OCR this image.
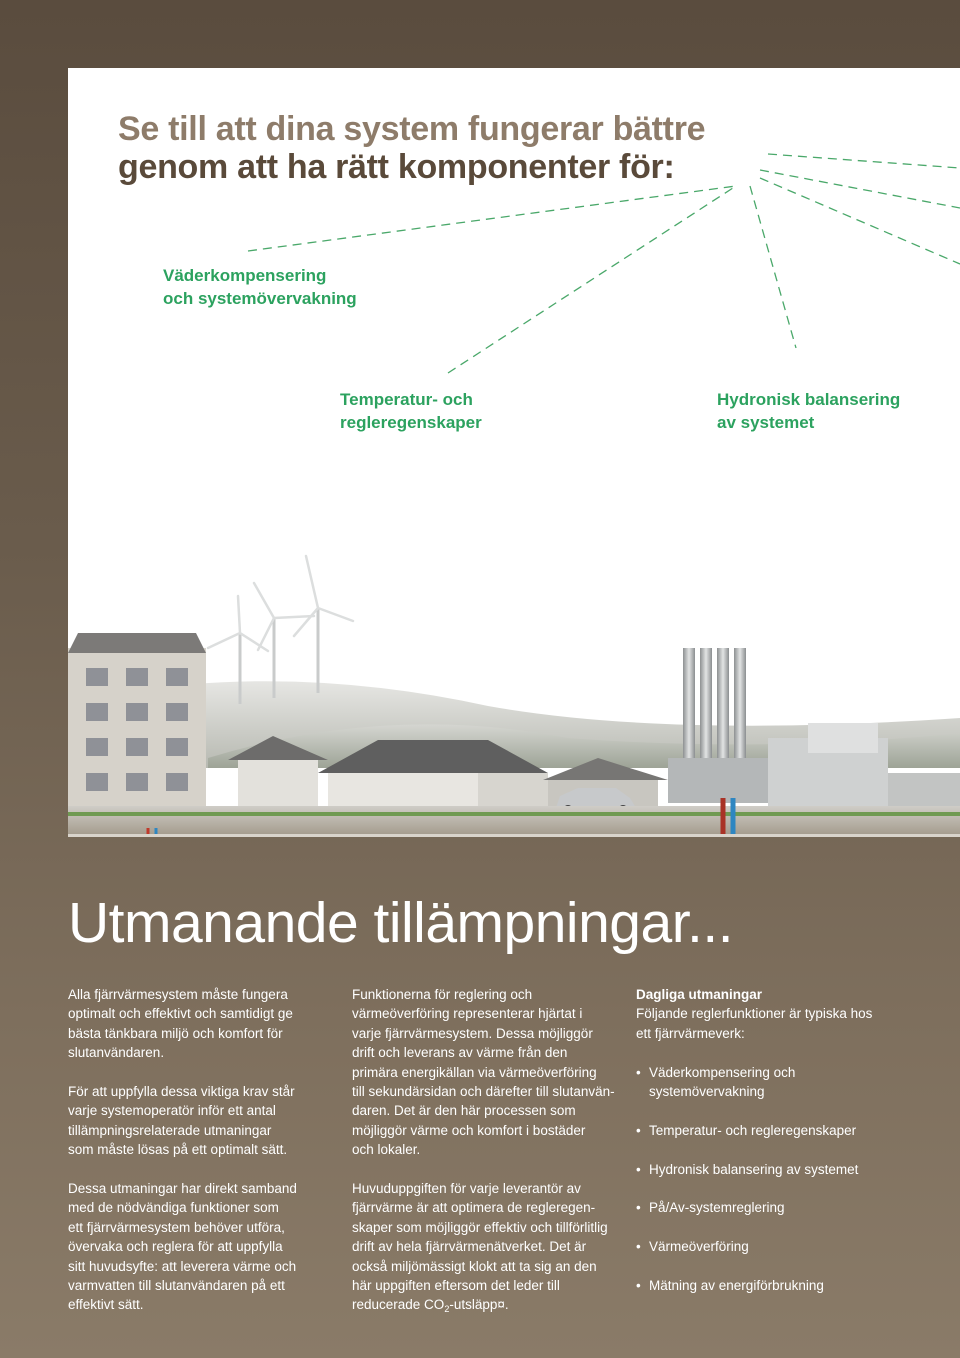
Se till att dina system fungerar bättre
genom att ha rätt komponenter för:
Väderkompensering
och systemövervakning
Temperatur- och
regleregenskaper
Hydronisk balansering
av systemet
Utmanande tillämpningar...

Alla fjärrvärmesystem måste fungera
optimalt och effektivt och samtidigt ge
bästa tänkbara miljö och komfort för
slutanvändaren.

För att uppfylla dessa viktiga krav står
varje systemoperatör inför ett antal
tillämpningsrelaterade utmaningar
som måste lösas på ett optimalt sätt.

Dessa utmaningar har direkt samband
med de nödvändiga funktioner som
ett fjärrvärmesystem behöver utföra,
övervaka och reglera för att uppfylla
sitt huvudsyfte: att leverera värme och
varmvatten till slutanvändaren på ett
effektivt sätt.

Funktionerna för reglering och
värmeöverföring representerar hjärtat i
varje fjärrvärmesystem. Dessa möjliggör
drift och leverans av värme från den
primära energikällan via värmeöverföring
till sekundärsidan och därefter till slutanvän-
daren. Det är den här processen som
möjliggör värme och komfort i bostäder
och lokaler.

Huvuduppgiften för varje leverantör av
fjärrvärme är att optimera de regleregen-
skaper som möjliggör effektiv och tillförlitlig
drift av hela fjärrvärmenätverket. Det är
också miljömässigt klokt att ta sig an den
här uppgiften eftersom det leder till
reducerade $CO_2-utsläpp¤$.

Dagliga utmaningar
Följande reglerfunktioner är typiska hos
ett fjärrvärmeverk:

• Väderkompensering och
systemövervakning
• Temperatur- och regleregenskaper
• Hydronisk balansering av systemet
• På/Av-systemreglering
• Värmeöverföring
• Mätning av energiförbrukning
